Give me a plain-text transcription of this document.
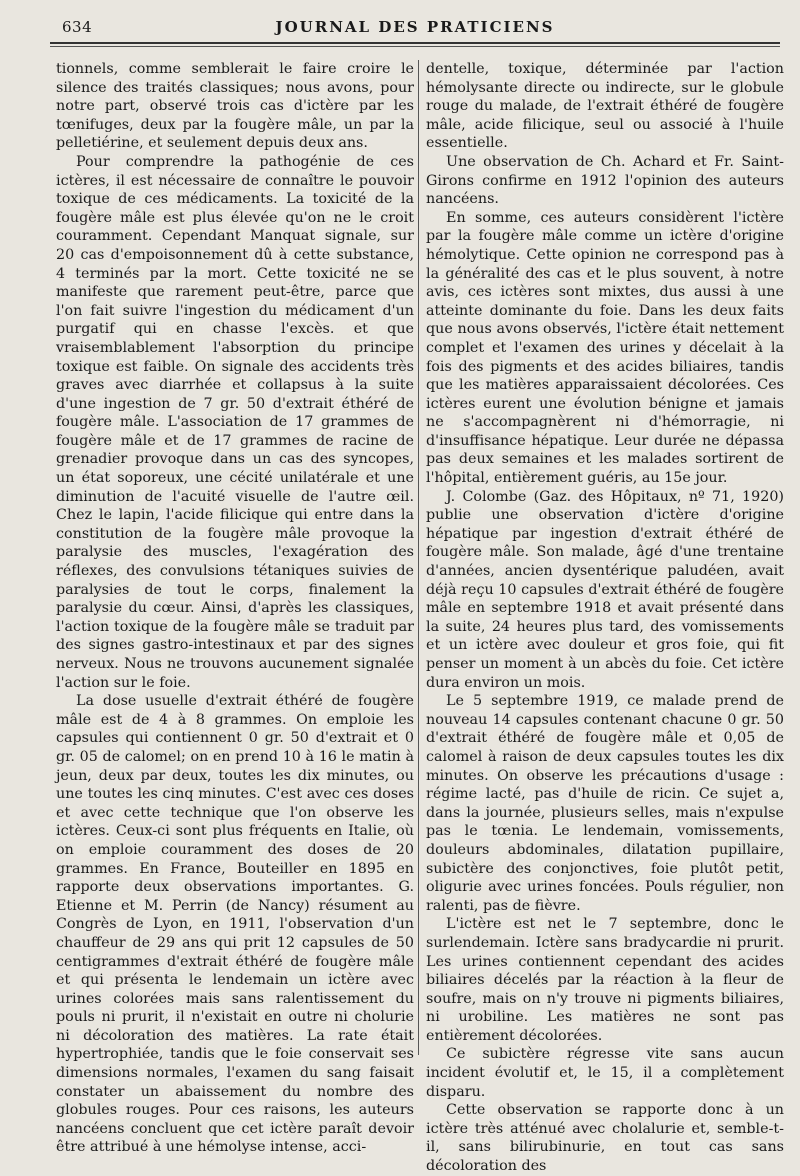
634	JOURNAL DES PRATICIENS

tionnels, comme semblerait le faire croire le silence des traités classiques; nous avons, pour notre part, observé trois cas d'ictère par les tœnifuges, deux par la fougère mâle, un par la pelletiérine, et seulement depuis deux ans.

Pour comprendre la pathogénie de ces ictères, il est nécessaire de connaître le pouvoir toxique de ces médicaments. La toxicité de la fougère mâle est plus élevée qu'on ne le croit couramment. Cependant Manquat signale, sur 20 cas d'empoisonnement dû à cette substance, 4 terminés par la mort. Cette toxicité ne se manifeste que rarement peut-être, parce que l'on fait suivre l'ingestion du médicament d'un purgatif qui en chasse l'excès. et que vraisemblablement l'absorption du principe toxique est faible. On signale des accidents très graves avec diarrhée et collapsus à la suite d'une ingestion de 7 gr. 50 d'extrait éthéré de fougère mâle. L'association de 17 grammes de fougère mâle et de 17 grammes de racine de grenadier provoque dans un cas des syncopes, un état soporeux, une cécité unilatérale et une diminution de l'acuité visuelle de l'autre œil. Chez le lapin, l'acide filicique qui entre dans la constitution de la fougère mâle provoque la paralysie des muscles, l'exagération des réflexes, des convulsions tétaniques suivies de paralysies de tout le corps, finalement la paralysie du cœur. Ainsi, d'après les classiques, l'action toxique de la fougère mâle se traduit par des signes gastro-intestinaux et par des signes nerveux. Nous ne trouvons aucunement signalée l'action sur le foie.

La dose usuelle d'extrait éthéré de fougère mâle est de 4 à 8 grammes. On emploie les capsules qui contiennent 0 gr. 50 d'extrait et 0 gr. 05 de calomel; on en prend 10 à 16 le matin à jeun, deux par deux, toutes les dix minutes, ou une toutes les cinq minutes. C'est avec ces doses et avec cette technique que l'on observe les ictères. Ceux-ci sont plus fréquents en Italie, où on emploie couramment des doses de 20 grammes. En France, Bouteiller en 1895 en rapporte deux observations importantes. G. Etienne et M. Perrin (de Nancy) résument au Congrès de Lyon, en 1911, l'observation d'un chauffeur de 29 ans qui prit 12 capsules de 50 centigrammes d'extrait éthéré de fougère mâle et qui présenta le lendemain un ictère avec urines colorées mais sans ralentissement du pouls ni prurit, il n'existait en outre ni cholurie ni décoloration des matières. La rate était hypertrophiée, tandis que le foie conservait ses dimensions normales, l'examen du sang faisait constater un abaissement du nombre des globules rouges. Pour ces raisons, les auteurs nancéens concluent que cet ictère paraît devoir être attribué à une hémolyse intense, acci-

dentelle, toxique, déterminée par l'action hémolysante directe ou indirecte, sur le globule rouge du malade, de l'extrait éthéré de fougère mâle, acide filicique, seul ou associé à l'huile essentielle.

Une observation de Ch. Achard et Fr. Saint-Girons confirme en 1912 l'opinion des auteurs nancéens.

En somme, ces auteurs considèrent l'ictère par la fougère mâle comme un ictère d'origine hémolytique. Cette opinion ne correspond pas à la généralité des cas et le plus souvent, à notre avis, ces ictères sont mixtes, dus aussi à une atteinte dominante du foie. Dans les deux faits que nous avons observés, l'ictère était nettement complet et l'examen des urines y décelait à la fois des pigments et des acides biliaires, tandis que les matières apparaissaient décolorées. Ces ictères eurent une évolution bénigne et jamais ne s'accompagnèrent ni d'hémorragie, ni d'insuffisance hépatique. Leur durée ne dépassa pas deux semaines et les malades sortirent de l'hôpital, entièrement guéris, au 15e jour.

J. Colombe (Gaz. des Hôpitaux, nº 71, 1920) publie une observation d'ictère d'origine hépatique par ingestion d'extrait éthéré de fougère mâle. Son malade, âgé d'une trentaine d'années, ancien dysentérique paludéen, avait déjà reçu 10 capsules d'extrait éthéré de fougère mâle en septembre 1918 et avait présenté dans la suite, 24 heures plus tard, des vomissements et un ictère avec douleur et gros foie, qui fit penser un moment à un abcès du foie. Cet ictère dura environ un mois.

Le 5 septembre 1919, ce malade prend de nouveau 14 capsules contenant chacune 0 gr. 50 d'extrait éthéré de fougère mâle et 0,05 de calomel à raison de deux capsules toutes les dix minutes. On observe les précautions d'usage : régime lacté, pas d'huile de ricin. Ce sujet a, dans la journée, plusieurs selles, mais n'expulse pas le tœnia. Le lendemain, vomissements, douleurs abdominales, dilatation pupillaire, subictère des conjonctives, foie plutôt petit, oligurie avec urines foncées. Pouls régulier, non ralenti, pas de fièvre.

L'ictère est net le 7 septembre, donc le surlendemain. Ictère sans bradycardie ni prurit. Les urines contiennent cependant des acides biliaires décelés par la réaction à la fleur de soufre, mais on n'y trouve ni pigments biliaires, ni urobiline. Les matières ne sont pas entièrement décolorées.

Ce subictère régresse vite sans aucun incident évolutif et, le 15, il a complètement disparu.

Cette observation se rapporte donc à un ictère très atténué avec cholalurie et, semble-t-il, sans bilirubinurie, en tout cas sans décoloration des
